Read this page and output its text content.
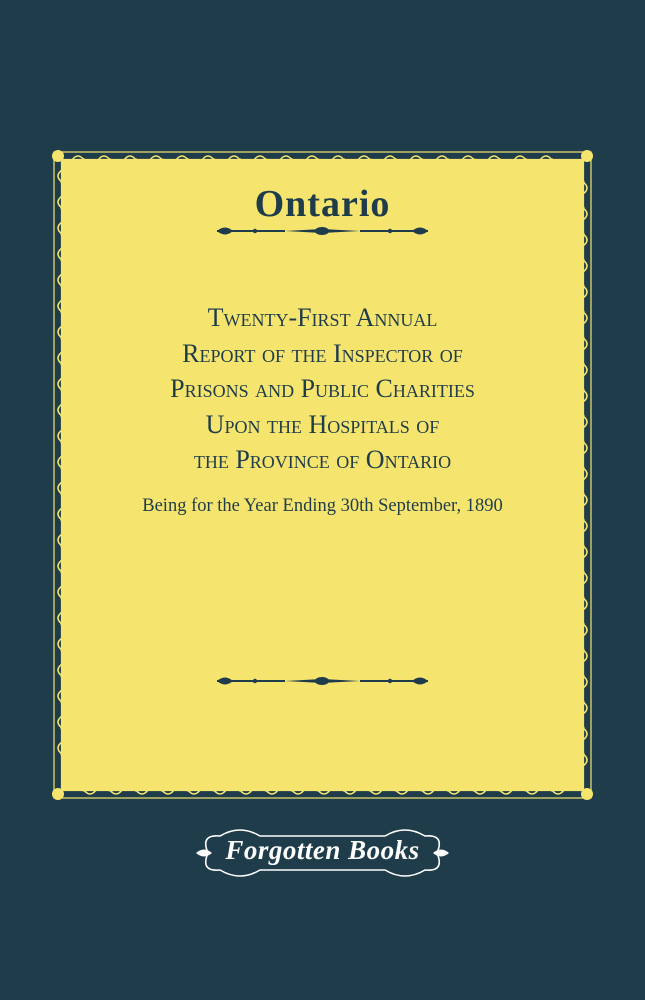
Ontario
Twenty-First Annual
Report of the Inspector of
Prisons and Public Charities
Upon the Hospitals of
the Province of Ontario
Being for the Year Ending 30th September, 1890
Forgotten Books
